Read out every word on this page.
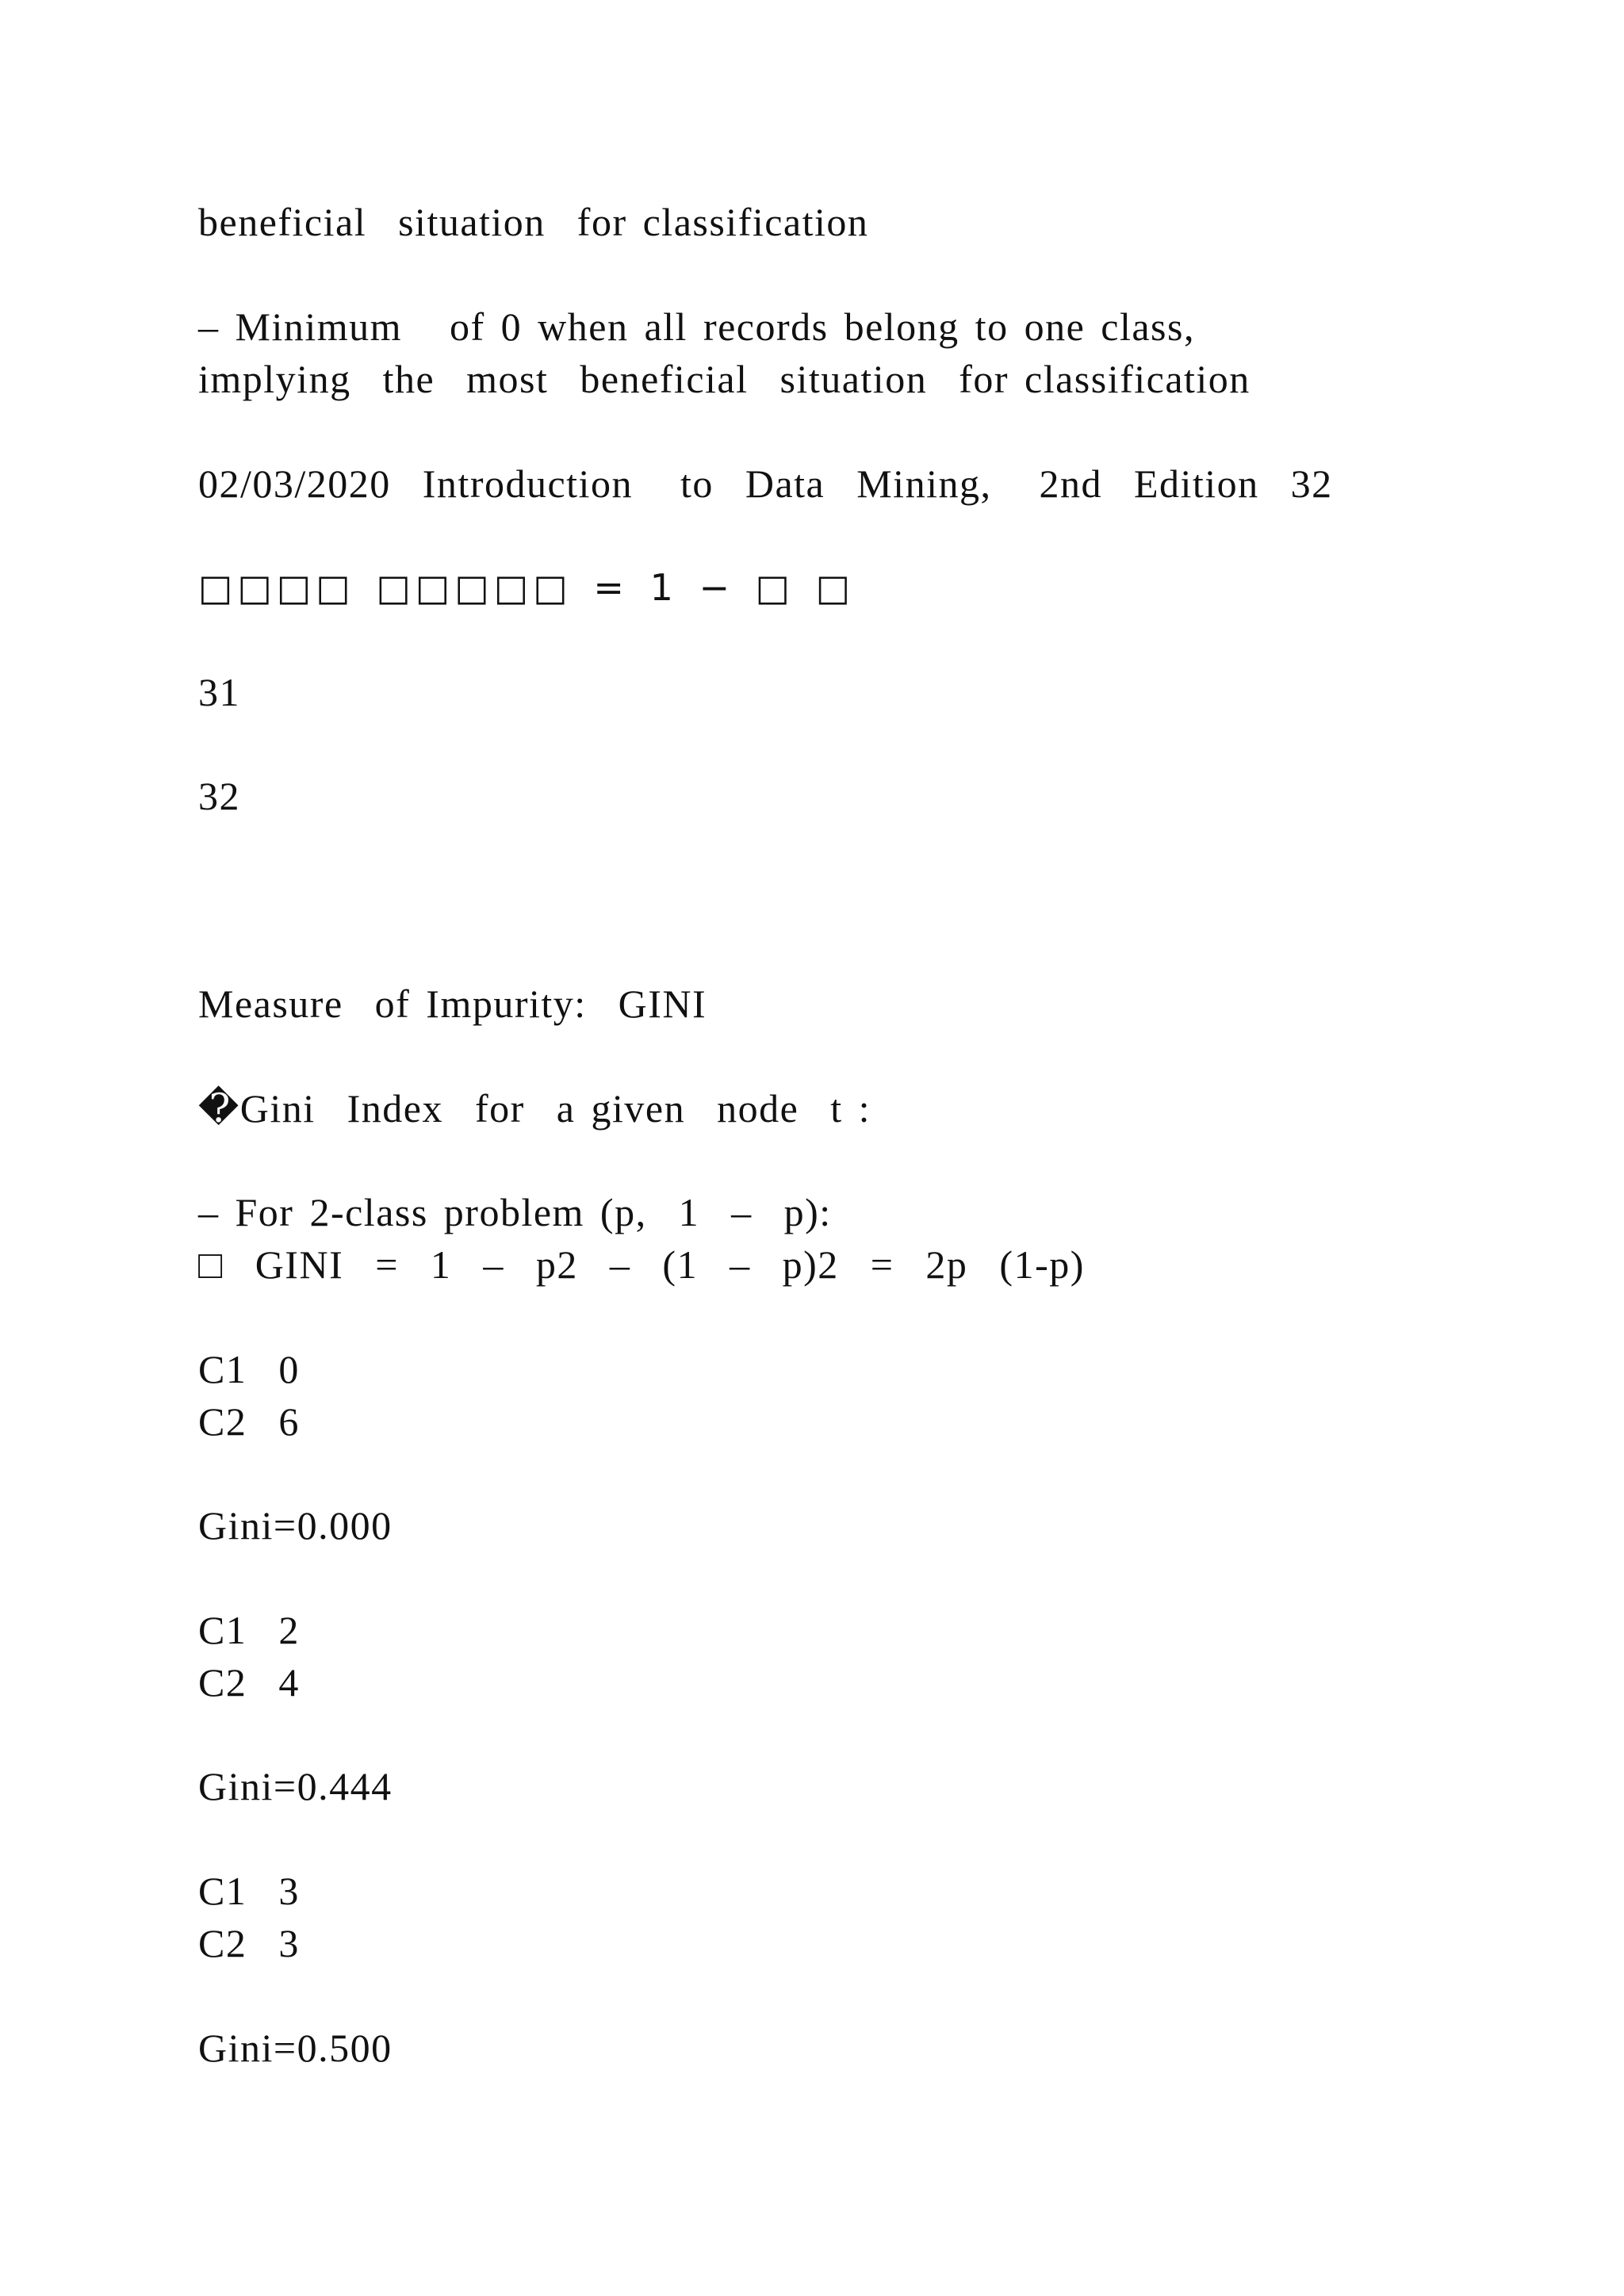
beneficial  situation  for classification
– Minimum   of 0 when all records belong to one class,
implying  the  most  beneficial  situation  for classification
02/03/2020  Introduction   to  Data  Mining,   2nd  Edition  32
□□□□ □□□□□ = 1 − □ □
31
32
Measure  of Impurity:  GINI
�Gini  Index  for  a given  node  t :
– For 2-class problem (p,  1  –  p):
□  GINI  =  1  –  p2  –  (1  –  p)2  =  2p  (1-p)
C1  0
C2  6
Gini=0.000
C1  2
C2  4
Gini=0.444
C1  3
C2  3
Gini=0.500
